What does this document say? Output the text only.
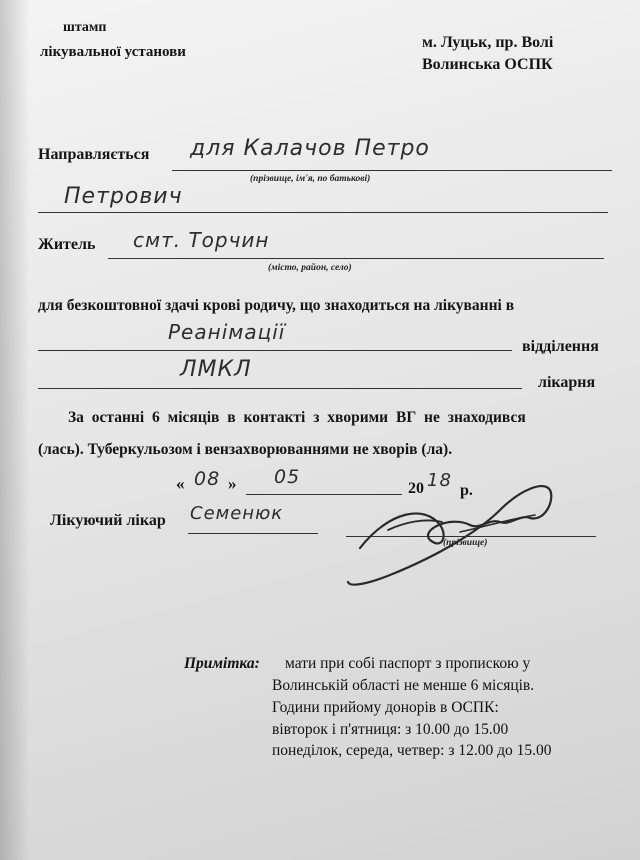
штамп
лікувальної установи
м. Луцьк, пр. Волі
Волинська ОСПК
Направляється для Калачов Петро
(прізвище, ім'я, по батькові)
Петрович
Житель смт. Торчин
(місто, район, село)
для безкоштовної здачі крові родичу, що знаходиться на лікуванні в
Реанімації
відділення
ЛМКЛ
лікарня
За останні 6 місяців в контакті з хворими ВГ не знаходився
(лась). Туберкульозом і вензахворюваннями не хворів (ла).
« 08 » 05
20 18 р.
Лікуючий лікар Семенюк
(прізвище)
Примітка: мати при собі паспорт з пропискою у
Волинській області не менше 6 місяців.
Години прийому донорів в ОСПК:
вівторок і п'ятниця: з 10.00 до 15.00
понеділок, середа, четвер: з 12.00 до 15.00
